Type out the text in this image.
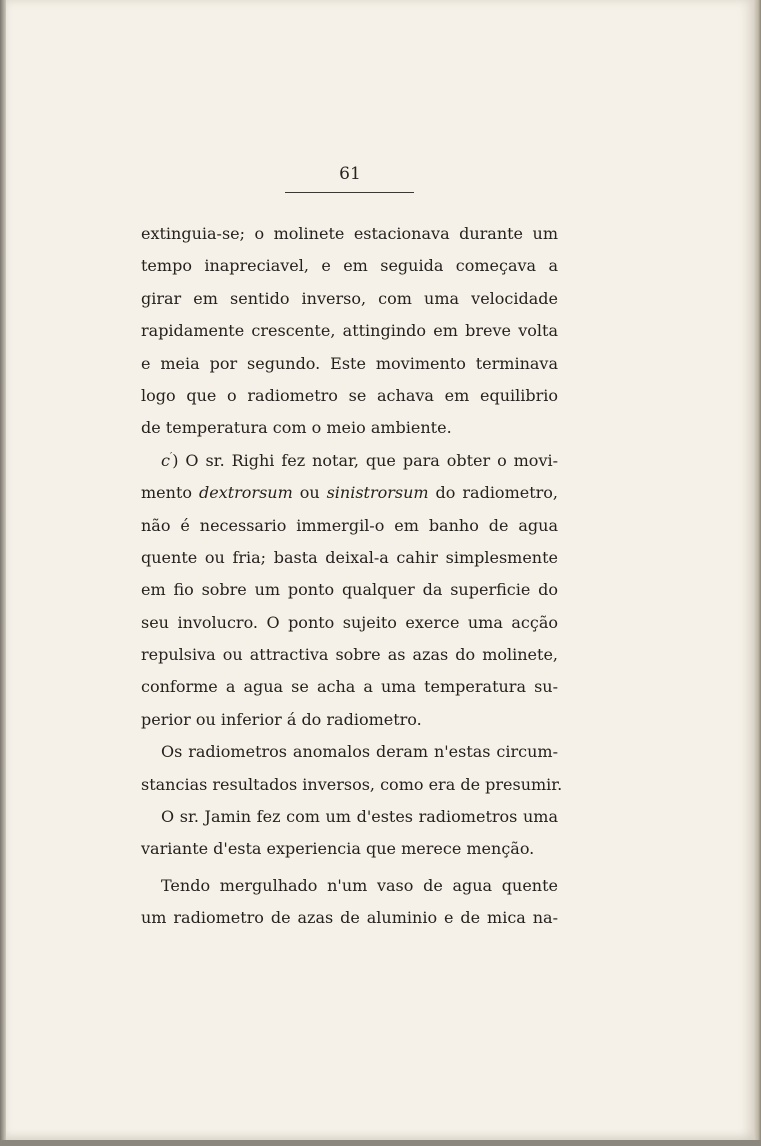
61
extinguia-se; o molinete estacionava durante um
tempo inapreciavel, e em seguida começava a
girar em sentido inverso, com uma velocidade
rapidamente crescente, attingindo em breve volta
e meia por segundo. Este movimento terminava
logo que o radiometro se achava em equilibrio
de temperatura com o meio ambiente.
c′) O sr. Righi fez notar, que para obter o movi-
mento dextrorsum ou sinistrorsum do radiometro,
não é necessario immergil-o em banho de agua
quente ou fria; basta deixal-a cahir simplesmente
em fio sobre um ponto qualquer da superficie do
seu involucro. O ponto sujeito exerce uma acção
repulsiva ou attractiva sobre as azas do molinete,
conforme a agua se acha a uma temperatura su-
perior ou inferior á do radiometro.
Os radiometros anomalos deram n'estas circum-
stancias resultados inversos, como era de presumir.
O sr. Jamin fez com um d'estes radiometros uma
variante d'esta experiencia que merece menção.
Tendo mergulhado n'um vaso de agua quente
um radiometro de azas de aluminio e de mica na-
